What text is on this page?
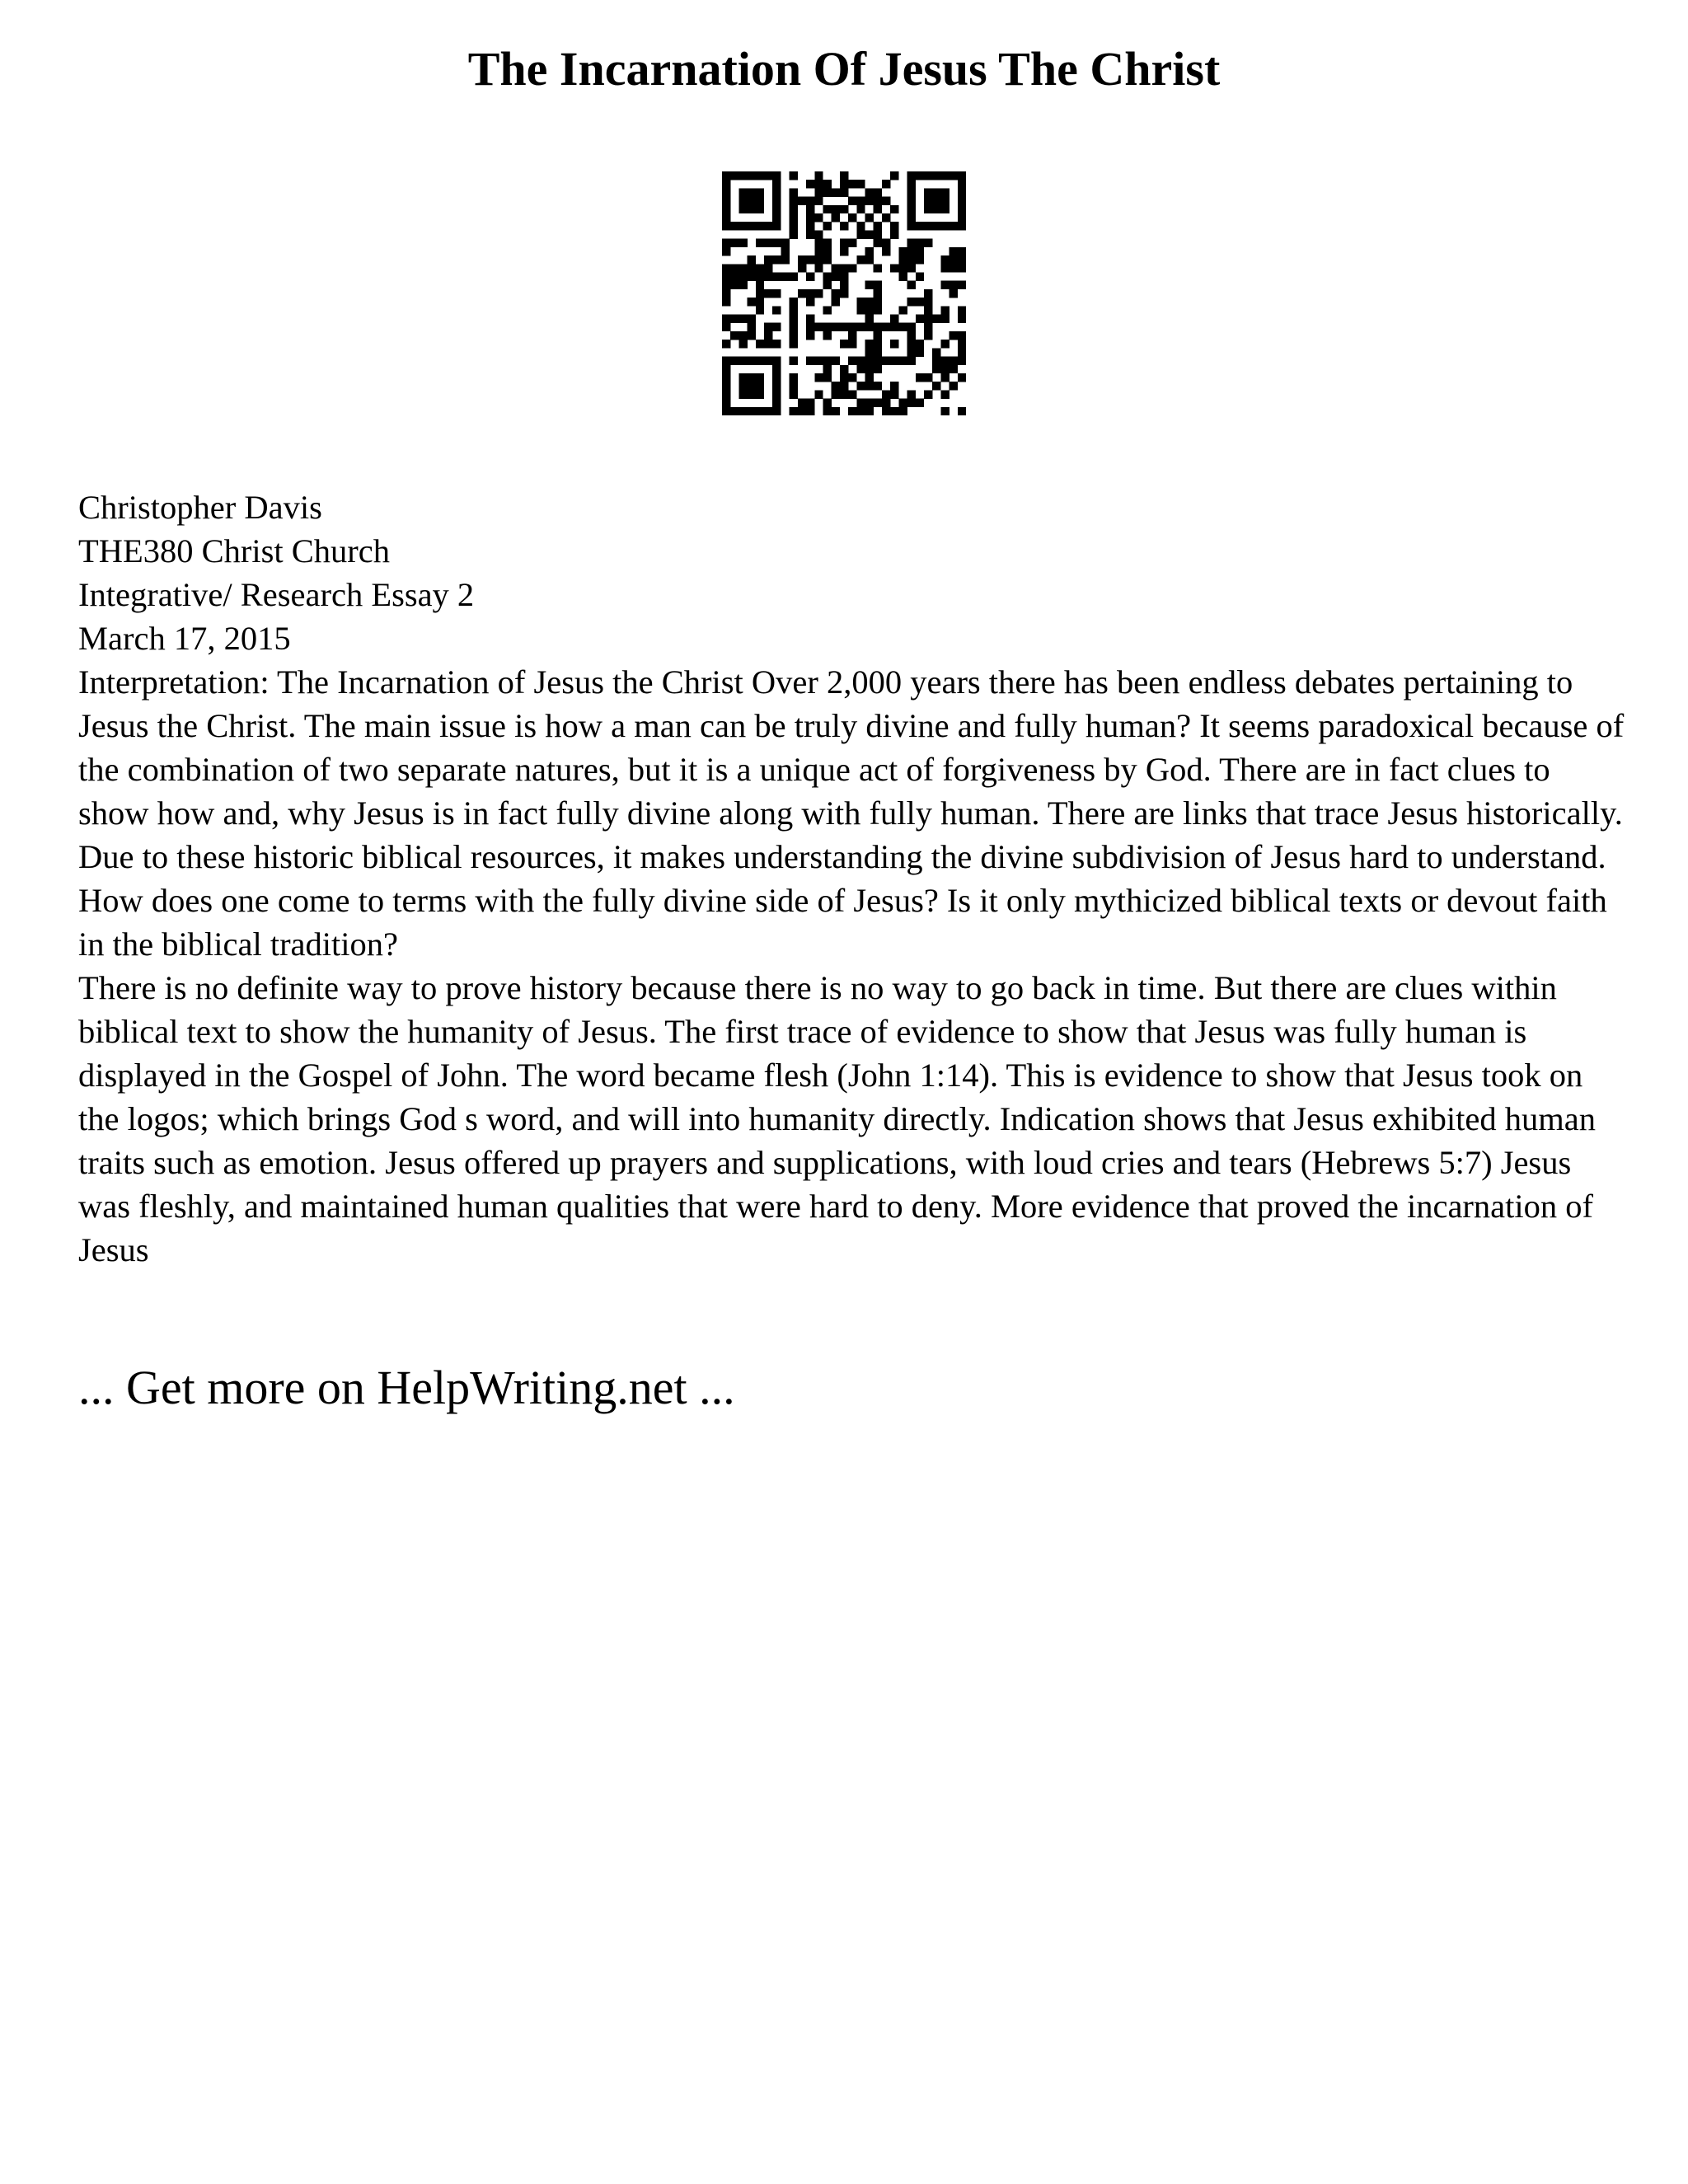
The Incarnation Of Jesus The Christ
Christopher Davis
THE380 Christ Church
Integrative/ Research Essay 2
March 17, 2015

Interpretation: The Incarnation of Jesus the Christ Over 2,000 years there has been endless debates pertaining to Jesus the Christ. The main issue is how a man can be truly divine and fully human? It seems paradoxical because of the combination of two separate natures, but it is a unique act of forgiveness by God. There are in fact clues to show how and, why Jesus is in fact fully divine along with fully human. There are links that trace Jesus historically. Due to these historic biblical resources, it makes understanding the divine subdivision of Jesus hard to understand. How does one come to terms with the fully divine side of Jesus? Is it only mythicized biblical texts or devout faith in the biblical tradition?

There is no definite way to prove history because there is no way to go back in time. But there are clues within biblical text to show the humanity of Jesus. The first trace of evidence to show that Jesus was fully human is displayed in the Gospel of John. The word became flesh (John 1:14). This is evidence to show that Jesus took on the logos; which brings God s word, and will into humanity directly. Indication shows that Jesus exhibited human traits such as emotion. Jesus offered up prayers and supplications, with loud cries and tears (Hebrews 5:7) Jesus was fleshly, and maintained human qualities that were hard to deny. More evidence that proved the incarnation of Jesus

... Get more on HelpWriting.net ...
